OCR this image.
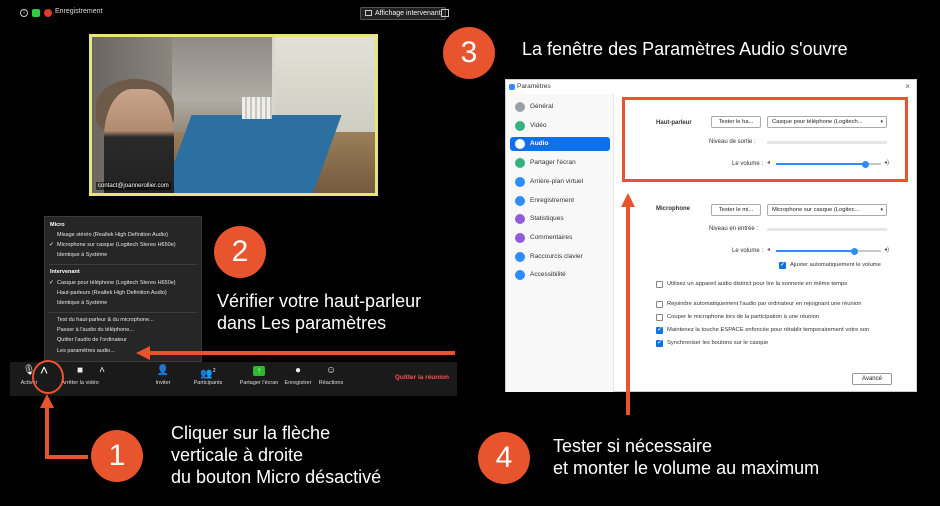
i	Enregistrement	Affichage intervenant
contact@joannerollier.com
Micro
Mixage stéréo (Realtek High Definition Audio)
✓ Microphone sur casque (Logitech Stereo H650e)
Identique à Système
Intervenant
✓ Casque pour téléphone (Logitech Stereo H650e)
Haut-parleurs (Realtek High Definition Audio)
Identique à Système
Test du haut-parleur & du microphone...
Passer à l'audio du téléphone...
Quitter l'audio de l'ordinateur
Les paramètres audio...
🎙
Activer
■
Arrêter la vidéo
˄	👤
Inviter
👥$^2$
Participants
↑
Partager l'écran
●
Enregistrer
☺
Réactions
Quitter la réunion
˄
Paramètres	×
Général
Vidéo
Audio
Partager l'écran
Arrière-plan virtuel
Enregistrement
Statistiques
Commentaires
Raccourcis clavier
Accessibilité
Haut-parleur	Tester le ha...	Casque pour téléphone (Logitech...	▾
Niveau de sortie :
Le volume : ◂	◂)
Microphone	Tester le mi...	Microphone sur casque (Logitec...	▾
Niveau en entrée :
Le volume : ◂	◂)
✓
Ajuster automatiquement le volume
Utilisez un appareil audio distinct pour lire la sonnerie en même temps
Rejoindre automatiquement l'audio par ordinateur en rejoignant une réunion
Couper le microphone lors de la participation à une réunion
✓
Maintenez la touche ESPACE enfoncée pour rétablir temporairement votre son
✓
Synchroniser les boutons sur le casque
Avancé
3	La fenêtre des Paramètres Audio s'ouvre
2
Vérifier votre haut-parleur
dans Les paramètres
1
Cliquer sur la flèche
verticale à droite
du bouton Micro désactivé
4	Tester si nécessaire
et monter le volume au maximum
